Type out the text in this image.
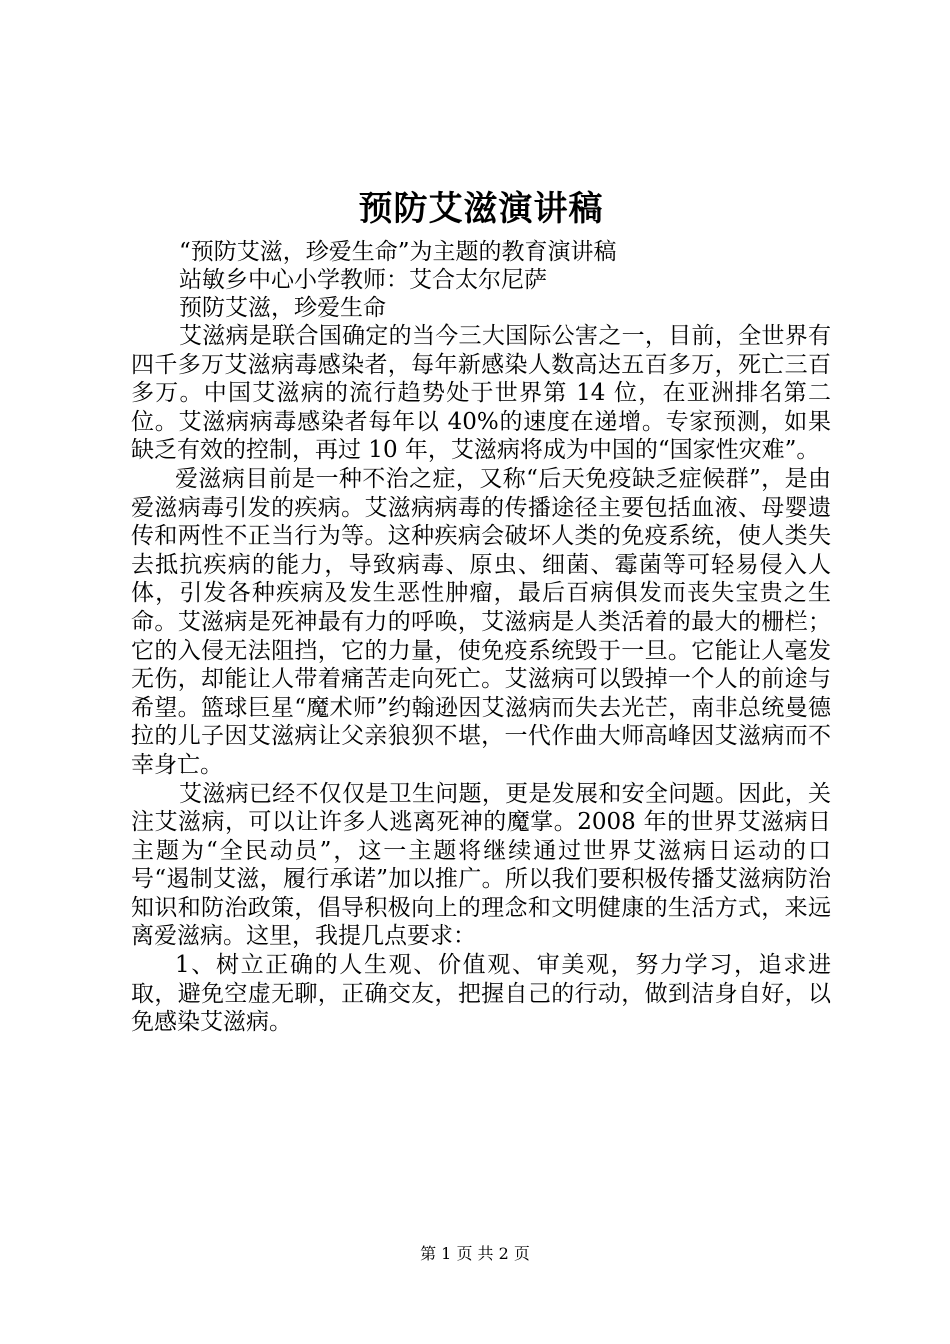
预防艾滋演讲稿

“预防艾滋，珍爱生命”为主题的教育演讲稿

站敏乡中心小学教师：艾合太尔尼萨

预防艾滋，珍爱生命

艾滋病是联合国确定的当今三大国际公害之一，目前，全世界有四千多万艾滋病毒感染者，每年新感染人数高达五百多万，死亡三百多万。中国艾滋病的流行趋势处于世界第 14 位，在亚洲排名第二位。艾滋病病毒感染者每年以 40%的速度在递增。专家预测，如果缺乏有效的控制，再过 10 年，艾滋病将成为中国的“国家性灾难”。

爱滋病目前是一种不治之症，又称“后天免疫缺乏症候群”，是由爱滋病毒引发的疾病。艾滋病病毒的传播途径主要包括血液、母婴遗传和两性不正当行为等。这种疾病会破坏人类的免疫系统，使人类失去抵抗疾病的能力，导致病毒、原虫、细菌、霉菌等可轻易侵入人体，引发各种疾病及发生恶性肿瘤，最后百病俱发而丧失宝贵之生命。艾滋病是死神最有力的呼唤，艾滋病是人类活着的最大的栅栏；它的入侵无法阻挡，它的力量，使免疫系统毁于一旦。它能让人毫发无伤，却能让人带着痛苦走向死亡。艾滋病可以毁掉一个人的前途与希望。篮球巨星“魔术师”约翰逊因艾滋病而失去光芒，南非总统曼德拉的儿子因艾滋病让父亲狼狈不堪，一代作曲大师高峰因艾滋病而不幸身亡。

艾滋病已经不仅仅是卫生问题，更是发展和安全问题。因此，关注艾滋病，可以让许多人逃离死神的魔掌。2008 年的世界艾滋病日主题为“全民动员”，这一主题将继续通过世界艾滋病日运动的口号“遏制艾滋，履行承诺”加以推广。所以我们要积极传播艾滋病防治知识和防治政策，倡导积极向上的理念和文明健康的生活方式，来远离爱滋病。这里，我提几点要求：

1、树立正确的人生观、价值观、审美观，努力学习，追求进取，避免空虚无聊，正确交友，把握自己的行动，做到洁身自好，以免感染艾滋病。

第 1 页 共 2 页
